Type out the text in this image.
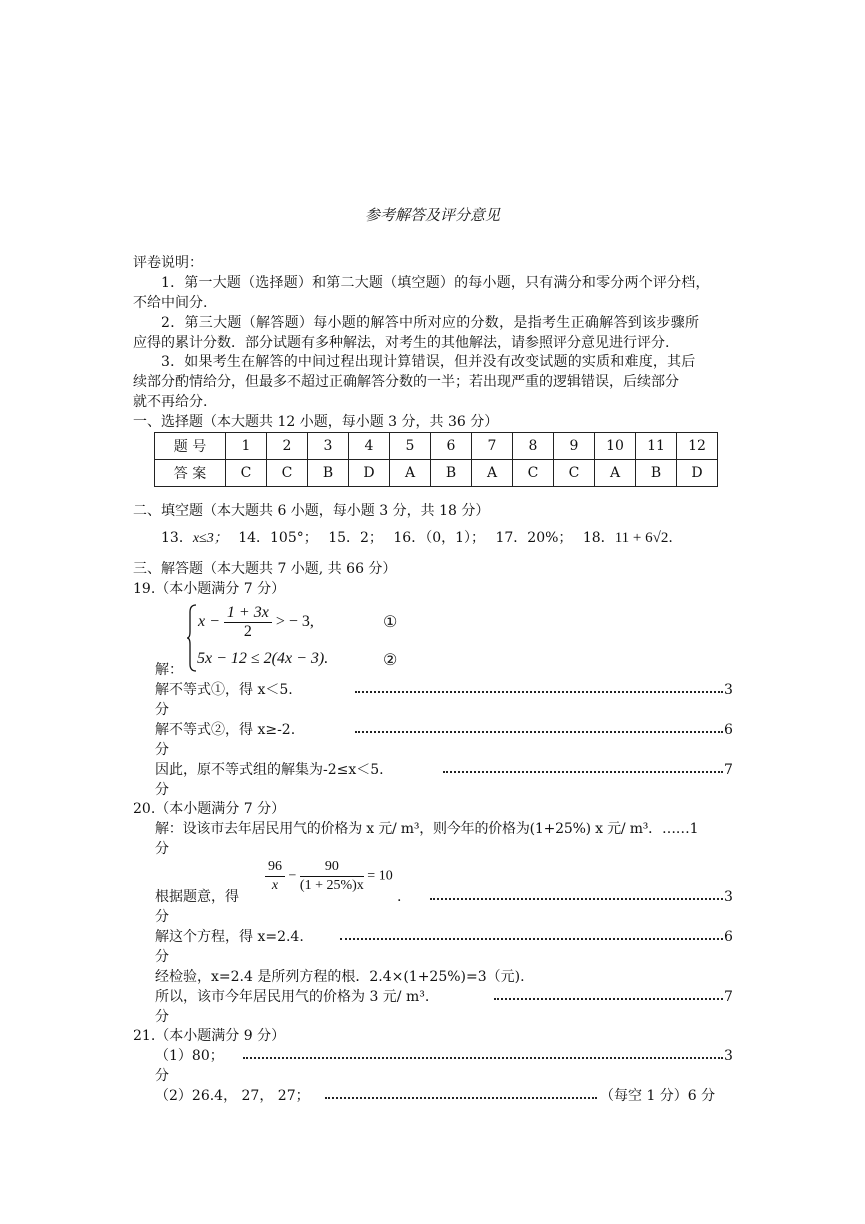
参考解答及评分意见
评卷说明：
1．第一大题（选择题）和第二大题（填空题）的每小题，只有满分和零分两个评分档，
不给中间分.
2．第三大题（解答题）每小题的解答中所对应的分数，是指考生正确解答到该步骤所
应得的累计分数．部分试题有多种解法，对考生的其他解法，请参照评分意见进行评分.
3．如果考生在解答的中间过程出现计算错误，但并没有改变试题的实质和难度，其后
续部分酌情给分，但最多不超过正确解答分数的一半；若出现严重的逻辑错误，后续部分
就不再给分.
一、选择题（本大题共 12 小题，每小题 3 分，共 36 分）
题 号	1	2	3	4	5	6	7	8	9	10	11	12
答 案	C	C	B	D	A	B	A	C	C	A	B	D
二、填空题（本大题共 6 小题，每小题 3 分，共 18 分）
13．x≤3； 14．105°； 15．2； 16．（0，1）； 17．20%； 18．11 + 6√2.
三、解答题（本大题共 7 小题, 共 66 分）
19.（本小题满分 7 分）
$x - \frac{1 + 3x}{2}$ > − 3,	①
5x − 12 ≤ 2(4x − 3).	②
解：
解不等式①，得 x＜5.	3
分
解不等式②，得 x≥-2.	6
分
因此，原不等式组的解集为-2≤x＜5.	7
分
20.（本小题满分 7 分）
解：设该市去年居民用气的价格为 x 元/ m³，则今年的价格为(1+25%) x 元/ m³．……1
分
$\frac{96}{x} - \frac{90}{(1 + 25\%)x} = 10$
根据题意，得	.	3
分
解这个方程，得 x=2.4.	6
分
经检验，x=2.4 是所列方程的根．2.4×(1+25%)=3（元).
所以，该市今年居民用气的价格为 3 元/ m³.	7
分
21.（本小题满分 9 分）
（1）80；	3
分
（2）26.4， 27， 27；	（每空 1 分）6 分
